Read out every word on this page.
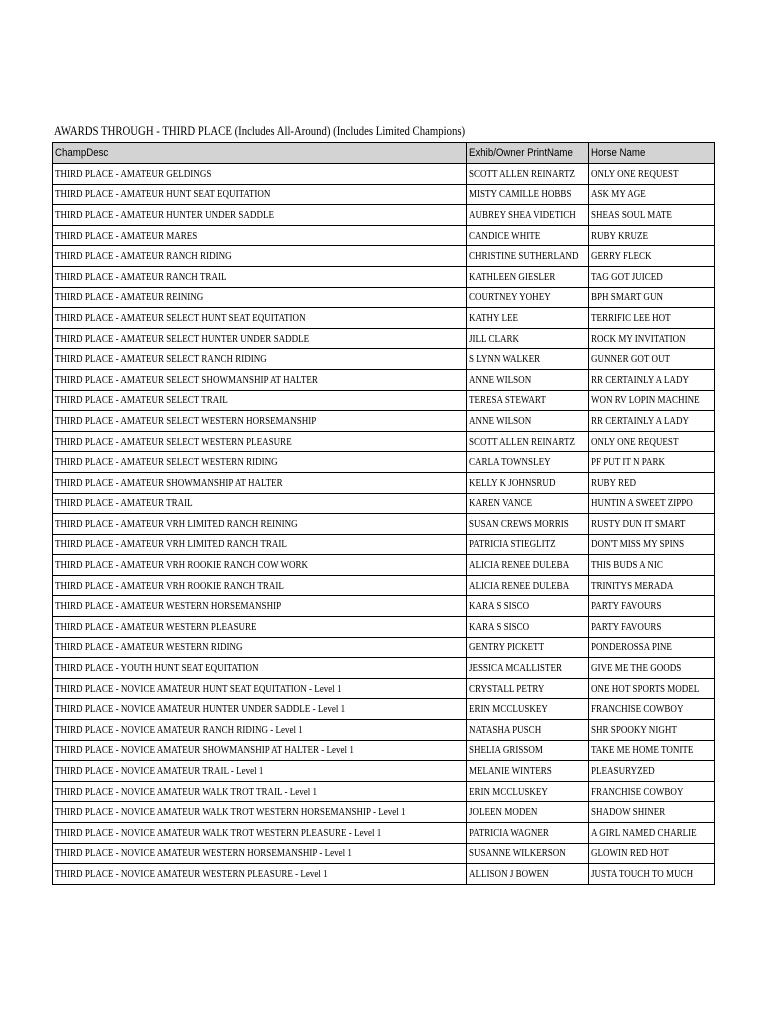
AWARDS THROUGH - THIRD PLACE (Includes All-Around) (Includes Limited Champions)
ChampDesc	Exhib/Owner PrintName	Horse Name
THIRD PLACE - AMATEUR GELDINGS	SCOTT ALLEN REINARTZ	ONLY ONE REQUEST
THIRD PLACE - AMATEUR HUNT SEAT EQUITATION	MISTY CAMILLE HOBBS	ASK MY AGE
THIRD PLACE - AMATEUR HUNTER UNDER SADDLE	AUBREY SHEA VIDETICH	SHEAS SOUL MATE
THIRD PLACE - AMATEUR MARES	CANDICE WHITE	RUBY KRUZE
THIRD PLACE - AMATEUR RANCH RIDING	CHRISTINE SUTHERLAND	GERRY FLECK
THIRD PLACE - AMATEUR RANCH TRAIL	KATHLEEN GIESLER	TAG GOT JUICED
THIRD PLACE - AMATEUR REINING	COURTNEY YOHEY	BPH SMART GUN
THIRD PLACE - AMATEUR SELECT HUNT SEAT EQUITATION	KATHY LEE	TERRIFIC LEE HOT
THIRD PLACE - AMATEUR SELECT HUNTER UNDER SADDLE	JILL CLARK	ROCK MY INVITATION
THIRD PLACE - AMATEUR SELECT RANCH RIDING	S LYNN WALKER	GUNNER GOT OUT
THIRD PLACE - AMATEUR SELECT SHOWMANSHIP AT HALTER	ANNE WILSON	RR CERTAINLY A LADY
THIRD PLACE - AMATEUR SELECT TRAIL	TERESA STEWART	WON RV LOPIN MACHINE
THIRD PLACE - AMATEUR SELECT WESTERN HORSEMANSHIP	ANNE WILSON	RR CERTAINLY A LADY
THIRD PLACE - AMATEUR SELECT WESTERN PLEASURE	SCOTT ALLEN REINARTZ	ONLY ONE REQUEST
THIRD PLACE - AMATEUR SELECT WESTERN RIDING	CARLA TOWNSLEY	PF PUT IT N PARK
THIRD PLACE - AMATEUR SHOWMANSHIP AT HALTER	KELLY K JOHNSRUD	RUBY RED
THIRD PLACE - AMATEUR TRAIL	KAREN VANCE	HUNTIN A SWEET ZIPPO
THIRD PLACE - AMATEUR VRH LIMITED RANCH REINING	SUSAN CREWS MORRIS	RUSTY DUN IT SMART
THIRD PLACE - AMATEUR VRH LIMITED RANCH TRAIL	PATRICIA STIEGLITZ	DON'T MISS MY SPINS
THIRD PLACE - AMATEUR VRH ROOKIE RANCH COW WORK	ALICIA RENEE DULEBA	THIS BUDS A NIC
THIRD PLACE - AMATEUR VRH ROOKIE RANCH TRAIL	ALICIA RENEE DULEBA	TRINITYS MERADA
THIRD PLACE - AMATEUR WESTERN HORSEMANSHIP	KARA S SISCO	PARTY FAVOURS
THIRD PLACE - AMATEUR WESTERN PLEASURE	KARA S SISCO	PARTY FAVOURS
THIRD PLACE - AMATEUR WESTERN RIDING	GENTRY PICKETT	PONDEROSSA PINE
THIRD PLACE - YOUTH HUNT SEAT EQUITATION	JESSICA MCALLISTER	GIVE ME THE GOODS
THIRD PLACE - NOVICE AMATEUR HUNT SEAT EQUITATION - Level 1	CRYSTALL PETRY	ONE HOT SPORTS MODEL
THIRD PLACE - NOVICE AMATEUR HUNTER UNDER SADDLE - Level 1	ERIN MCCLUSKEY	FRANCHISE COWBOY
THIRD PLACE - NOVICE AMATEUR RANCH RIDING - Level 1	NATASHA PUSCH	SHR SPOOKY NIGHT
THIRD PLACE - NOVICE AMATEUR SHOWMANSHIP AT HALTER - Level 1	SHELIA GRISSOM	TAKE ME HOME TONITE
THIRD PLACE - NOVICE AMATEUR TRAIL - Level 1	MELANIE WINTERS	PLEASURYZED
THIRD PLACE - NOVICE AMATEUR WALK TROT TRAIL - Level 1	ERIN MCCLUSKEY	FRANCHISE COWBOY
THIRD PLACE - NOVICE AMATEUR WALK TROT WESTERN HORSEMANSHIP - Level 1	JOLEEN MODEN	SHADOW SHINER
THIRD PLACE - NOVICE AMATEUR WALK TROT WESTERN PLEASURE - Level 1	PATRICIA WAGNER	A GIRL NAMED CHARLIE
THIRD PLACE - NOVICE AMATEUR WESTERN HORSEMANSHIP - Level 1	SUSANNE WILKERSON	GLOWIN RED HOT
THIRD PLACE - NOVICE AMATEUR WESTERN PLEASURE - Level 1	ALLISON J BOWEN	JUSTA TOUCH TO MUCH
